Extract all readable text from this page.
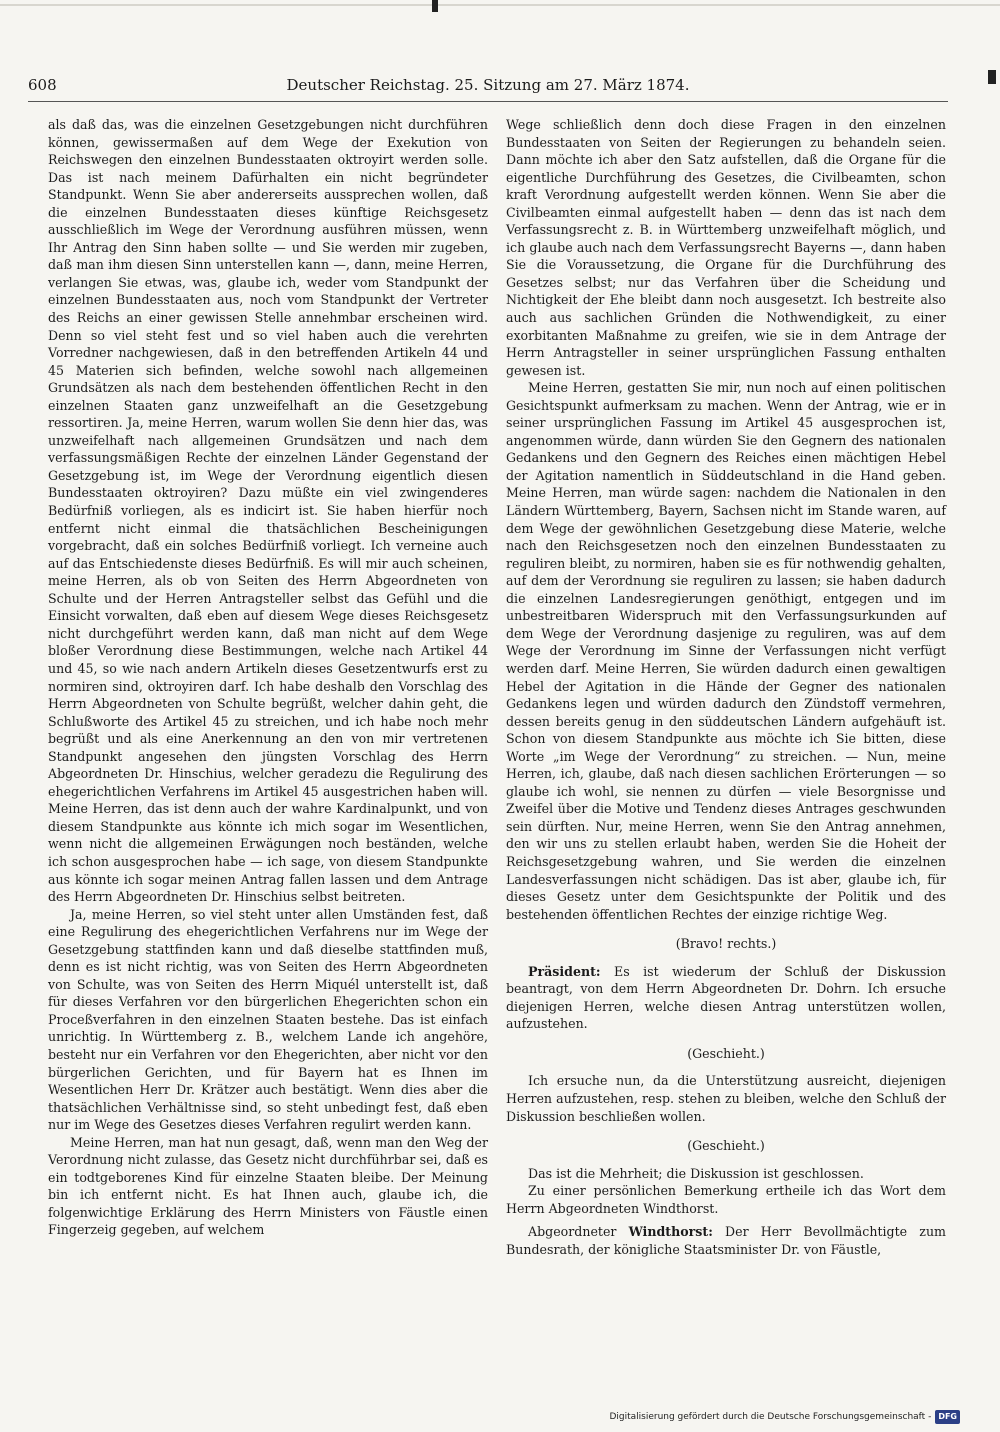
608	Deutscher Reichstag. 25. Sitzung am 27. März 1874.

als daß das, was die einzelnen Gesetzgebungen nicht durchführen können, gewissermaßen auf dem Wege der Exekution von Reichswegen den einzelnen Bundesstaaten oktroyirt werden solle. Das ist nach meinem Dafürhalten ein nicht begründeter Standpunkt. Wenn Sie aber andererseits aussprechen wollen, daß die einzelnen Bundesstaaten dieses künftige Reichsgesetz ausschließlich im Wege der Verordnung ausführen müssen, wenn Ihr Antrag den Sinn haben sollte — und Sie werden mir zugeben, daß man ihm diesen Sinn unterstellen kann —, dann, meine Herren, verlangen Sie etwas, was, glaube ich, weder vom Standpunkt der einzelnen Bundesstaaten aus, noch vom Standpunkt der Vertreter des Reichs an einer gewissen Stelle annehmbar erscheinen wird. Denn so viel steht fest und so viel haben auch die verehrten Vorredner nachgewiesen, daß in den betreffenden Artikeln 44 und 45 Materien sich befinden, welche sowohl nach allgemeinen Grundsätzen als nach dem bestehenden öffentlichen Recht in den einzelnen Staaten ganz unzweifelhaft an die Gesetzgebung ressortiren. Ja, meine Herren, warum wollen Sie denn hier das, was unzweifelhaft nach allgemeinen Grundsätzen und nach dem verfassungsmäßigen Rechte der einzelnen Länder Gegenstand der Gesetzgebung ist, im Wege der Verordnung eigentlich diesen Bundesstaaten oktroyiren? Dazu müßte ein viel zwingenderes Bedürfniß vorliegen, als es indicirt ist. Sie haben hierfür noch entfernt nicht einmal die thatsächlichen Bescheinigungen vorgebracht, daß ein solches Bedürfniß vorliegt. Ich verneine auch auf das Entschiedenste dieses Bedürfniß. Es will mir auch scheinen, meine Herren, als ob von Seiten des Herrn Abgeordneten von Schulte und der Herren Antragsteller selbst das Gefühl und die Einsicht vorwalten, daß eben auf diesem Wege dieses Reichsgesetz nicht durchgeführt werden kann, daß man nicht auf dem Wege bloßer Verordnung diese Bestimmungen, welche nach Artikel 44 und 45, so wie nach andern Artikeln dieses Gesetzentwurfs erst zu normiren sind, oktroyiren darf. Ich habe deshalb den Vorschlag des Herrn Abgeordneten von Schulte begrüßt, welcher dahin geht, die Schlußworte des Artikel 45 zu streichen, und ich habe noch mehr begrüßt und als eine Anerkennung an den von mir vertretenen Standpunkt angesehen den jüngsten Vorschlag des Herrn Abgeordneten Dr. Hinschius, welcher geradezu die Regulirung des ehegerichtlichen Verfahrens im Artikel 45 ausgestrichen haben will. Meine Herren, das ist denn auch der wahre Kardinalpunkt, und von diesem Standpunkte aus könnte ich mich sogar im Wesentlichen, wenn nicht die allgemeinen Erwägungen noch beständen, welche ich schon ausgesprochen habe — ich sage, von diesem Standpunkte aus könnte ich sogar meinen Antrag fallen lassen und dem Antrage des Herrn Abgeordneten Dr. Hinschius selbst beitreten.

Ja, meine Herren, so viel steht unter allen Umständen fest, daß eine Regulirung des ehegerichtlichen Verfahrens nur im Wege der Gesetzgebung stattfinden kann und daß dieselbe stattfinden muß, denn es ist nicht richtig, was von Seiten des Herrn Abgeordneten von Schulte, was von Seiten des Herrn Miquél unterstellt ist, daß für dieses Verfahren vor den bürgerlichen Ehegerichten schon ein Proceßverfahren in den einzelnen Staaten bestehe. Das ist einfach unrichtig. In Württemberg z. B., welchem Lande ich angehöre, besteht nur ein Verfahren vor den Ehegerichten, aber nicht vor den bürgerlichen Gerichten, und für Bayern hat es Ihnen im Wesentlichen Herr Dr. Krätzer auch bestätigt. Wenn dies aber die thatsächlichen Verhältnisse sind, so steht unbedingt fest, daß eben nur im Wege des Gesetzes dieses Verfahren regulirt werden kann.

Meine Herren, man hat nun gesagt, daß, wenn man den Weg der Verordnung nicht zulasse, das Gesetz nicht durchführbar sei, daß es ein todtgeborenes Kind für einzelne Staaten bleibe. Der Meinung bin ich entfernt nicht. Es hat Ihnen auch, glaube ich, die folgenwichtige Erklärung des Herrn Ministers von Fäustle einen Fingerzeig gegeben, auf welchem

Wege schließlich denn doch diese Fragen in den einzelnen Bundesstaaten von Seiten der Regierungen zu behandeln seien. Dann möchte ich aber den Satz aufstellen, daß die Organe für die eigentliche Durchführung des Gesetzes, die Civilbeamten, schon kraft Verordnung aufgestellt werden können. Wenn Sie aber die Civilbeamten einmal aufgestellt haben — denn das ist nach dem Verfassungsrecht z. B. in Württemberg unzweifelhaft möglich, und ich glaube auch nach dem Verfassungsrecht Bayerns —, dann haben Sie die Voraussetzung, die Organe für die Durchführung des Gesetzes selbst; nur das Verfahren über die Scheidung und Nichtigkeit der Ehe bleibt dann noch ausgesetzt. Ich bestreite also auch aus sachlichen Gründen die Nothwendigkeit, zu einer exorbitanten Maßnahme zu greifen, wie sie in dem Antrage der Herrn Antragsteller in seiner ursprünglichen Fassung enthalten gewesen ist.

Meine Herren, gestatten Sie mir, nun noch auf einen politischen Gesichtspunkt aufmerksam zu machen. Wenn der Antrag, wie er in seiner ursprünglichen Fassung im Artikel 45 ausgesprochen ist, angenommen würde, dann würden Sie den Gegnern des nationalen Gedankens und den Gegnern des Reiches einen mächtigen Hebel der Agitation namentlich in Süddeutschland in die Hand geben. Meine Herren, man würde sagen: nachdem die Nationalen in den Ländern Württemberg, Bayern, Sachsen nicht im Stande waren, auf dem Wege der gewöhnlichen Gesetzgebung diese Materie, welche nach den Reichsgesetzen noch den einzelnen Bundesstaaten zu reguliren bleibt, zu normiren, haben sie es für nothwendig gehalten, auf dem der Verordnung sie reguliren zu lassen; sie haben dadurch die einzelnen Landesregierungen genöthigt, entgegen und im unbestreitbaren Widerspruch mit den Verfassungsurkunden auf dem Wege der Verordnung dasjenige zu reguliren, was auf dem Wege der Verordnung im Sinne der Verfassungen nicht verfügt werden darf. Meine Herren, Sie würden dadurch einen gewaltigen Hebel der Agitation in die Hände der Gegner des nationalen Gedankens legen und würden dadurch den Zündstoff vermehren, dessen bereits genug in den süddeutschen Ländern aufgehäuft ist. Schon von diesem Standpunkte aus möchte ich Sie bitten, diese Worte „im Wege der Verordnung“ zu streichen. — Nun, meine Herren, ich, glaube, daß nach diesen sachlichen Erörterungen — so glaube ich wohl, sie nennen zu dürfen — viele Besorgnisse und Zweifel über die Motive und Tendenz dieses Antrages geschwunden sein dürften. Nur, meine Herren, wenn Sie den Antrag annehmen, den wir uns zu stellen erlaubt haben, werden Sie die Hoheit der Reichsgesetzgebung wahren, und Sie werden die einzelnen Landesverfassungen nicht schädigen. Das ist aber, glaube ich, für dieses Gesetz unter dem Gesichtspunkte der Politik und des bestehenden öffentlichen Rechtes der einzige richtige Weg.

(Bravo! rechts.)

Präsident: Es ist wiederum der Schluß der Diskussion beantragt, von dem Herrn Abgeordneten Dr. Dohrn. Ich ersuche diejenigen Herren, welche diesen Antrag unterstützen wollen, aufzustehen.

(Geschieht.)

Ich ersuche nun, da die Unterstützung ausreicht, diejenigen Herren aufzustehen, resp. stehen zu bleiben, welche den Schluß der Diskussion beschließen wollen.

(Geschieht.)

Das ist die Mehrheit; die Diskussion ist geschlossen.

Zu einer persönlichen Bemerkung ertheile ich das Wort dem Herrn Abgeordneten Windthorst.

Abgeordneter Windthorst: Der Herr Bevollmächtigte zum Bundesrath, der königliche Staatsminister Dr. von Fäustle,

Digitalisierung gefördert durch die Deutsche Forschungsgemeinschaft - DFG
